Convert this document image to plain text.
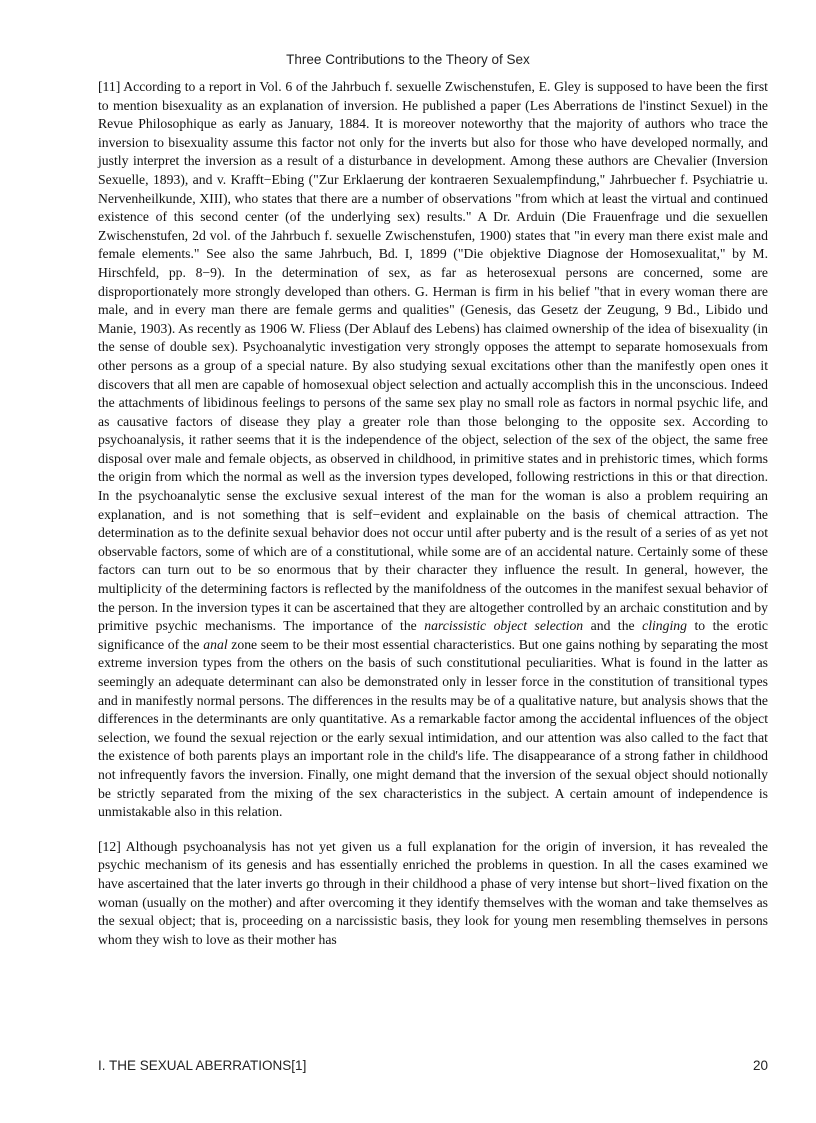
Three Contributions to the Theory of Sex

[11] According to a report in Vol. 6 of the Jahrbuch f. sexuelle Zwischenstufen, E. Gley is supposed to have been the first to mention bisexuality as an explanation of inversion. He published a paper (Les Aberrations de l'instinct Sexuel) in the Revue Philosophique as early as January, 1884. It is moreover noteworthy that the majority of authors who trace the inversion to bisexuality assume this factor not only for the inverts but also for those who have developed normally, and justly interpret the inversion as a result of a disturbance in development. Among these authors are Chevalier (Inversion Sexuelle, 1893), and v. Krafft−Ebing ("Zur Erklaerung der kontraeren Sexualempfindung," Jahrbuecher f. Psychiatrie u. Nervenheilkunde, XIII), who states that there are a number of observations "from which at least the virtual and continued existence of this second center (of the underlying sex) results." A Dr. Arduin (Die Frauenfrage und die sexuellen Zwischenstufen, 2d vol. of the Jahrbuch f. sexuelle Zwischenstufen, 1900) states that "in every man there exist male and female elements." See also the same Jahrbuch, Bd. I, 1899 ("Die objektive Diagnose der Homosexualitat," by M. Hirschfeld, pp. 8−9). In the determination of sex, as far as heterosexual persons are concerned, some are disproportionately more strongly developed than others. G. Herman is firm in his belief "that in every woman there are male, and in every man there are female germs and qualities" (Genesis, das Gesetz der Zeugung, 9 Bd., Libido und Manie, 1903). As recently as 1906 W. Fliess (Der Ablauf des Lebens) has claimed ownership of the idea of bisexuality (in the sense of double sex). Psychoanalytic investigation very strongly opposes the attempt to separate homosexuals from other persons as a group of a special nature. By also studying sexual excitations other than the manifestly open ones it discovers that all men are capable of homosexual object selection and actually accomplish this in the unconscious. Indeed the attachments of libidinous feelings to persons of the same sex play no small role as factors in normal psychic life, and as causative factors of disease they play a greater role than those belonging to the opposite sex. According to psychoanalysis, it rather seems that it is the independence of the object, selection of the sex of the object, the same free disposal over male and female objects, as observed in childhood, in primitive states and in prehistoric times, which forms the origin from which the normal as well as the inversion types developed, following restrictions in this or that direction. In the psychoanalytic sense the exclusive sexual interest of the man for the woman is also a problem requiring an explanation, and is not something that is self−evident and explainable on the basis of chemical attraction. The determination as to the definite sexual behavior does not occur until after puberty and is the result of a series of as yet not observable factors, some of which are of a constitutional, while some are of an accidental nature. Certainly some of these factors can turn out to be so enormous that by their character they influence the result. In general, however, the multiplicity of the determining factors is reflected by the manifoldness of the outcomes in the manifest sexual behavior of the person. In the inversion types it can be ascertained that they are altogether controlled by an archaic constitution and by primitive psychic mechanisms. The importance of the narcissistic object selection and the clinging to the erotic significance of the anal zone seem to be their most essential characteristics. But one gains nothing by separating the most extreme inversion types from the others on the basis of such constitutional peculiarities. What is found in the latter as seemingly an adequate determinant can also be demonstrated only in lesser force in the constitution of transitional types and in manifestly normal persons. The differences in the results may be of a qualitative nature, but analysis shows that the differences in the determinants are only quantitative. As a remarkable factor among the accidental influences of the object selection, we found the sexual rejection or the early sexual intimidation, and our attention was also called to the fact that the existence of both parents plays an important role in the child's life. The disappearance of a strong father in childhood not infrequently favors the inversion. Finally, one might demand that the inversion of the sexual object should notionally be strictly separated from the mixing of the sex characteristics in the subject. A certain amount of independence is unmistakable also in this relation.

[12] Although psychoanalysis has not yet given us a full explanation for the origin of inversion, it has revealed the psychic mechanism of its genesis and has essentially enriched the problems in question. In all the cases examined we have ascertained that the later inverts go through in their childhood a phase of very intense but short−lived fixation on the woman (usually on the mother) and after overcoming it they identify themselves with the woman and take themselves as the sexual object; that is, proceeding on a narcissistic basis, they look for young men resembling themselves in persons whom they wish to love as their mother has

I. THE SEXUAL ABERRATIONS[1]	20
